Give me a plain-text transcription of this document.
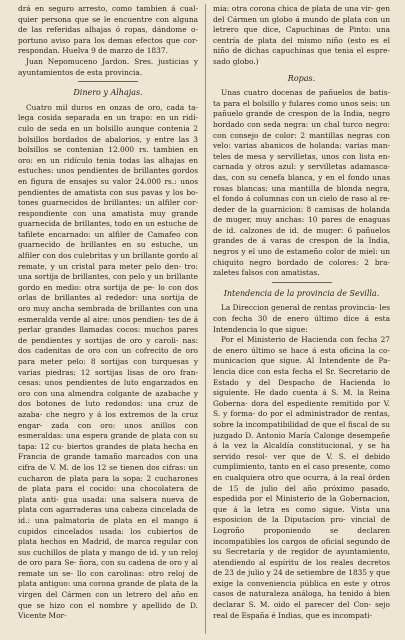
drá en seguro arresto, como tambien á cual- quier persona que se le encuentre con alguna de las referidas alhajas ó ropas, dándome o- portuno aviso para los demas efectos que cor- respondan. Huelva 9 de marzo de 1837.

Juan Nepomuceno Jardon. Sres. justicias y ayuntamientos de esta provincia.

Dinero y Alhajas.

Cuatro mil duros en onzas de oro, cada ta- lega cosida separada en un trapo: en un ridí- culo de seda en un bolsillo aunque contenia 2 bolsillos bordados de abalorios, y entre las 3 bolsillos se contenian 12.000 rs. tambien en oro: en un ridículo tenia todas las alhajas en estuches: unos pendientes de brillantes gordos en figura de ensajes su valor 24.000 rs.: unos pendientes de amatista con sus pavas y los bo- tones guarnecidos de brillantes: un alfiler cor- respondiente con una amatista muy grande guarnecida de brillantes, todo en un estuche de tafilete encarnado: un alfiler de Camafeo con guarnecido de brillantes en su estuche, un alfiler con dos culebritas y un brillante gordo al remate, y un cristal para meter pelo den- tro: una sortija de brillantes, con pelo y un brillante gordo en medio: otra sortija de pe- lo con dos orlas de brillantes al rededor: una sortija de oro muy ancha sembrada de brillantes con una esmeralda verde al aire: unos pendien- tes de á perlar grandes llamadas cocos: muchos pares de pendientes y sortijas de oro y caroli- nas: dos cadenitas de oro con un cofrecito de oro para meter pelo: 8 sortijas con turquesas y varias piedras: 12 sortijas lisas de oro fran- cesas: unos pendientes de luto engarzados en oro con una almendra colgante de azabache y dos botones de luto redondos: una cruz de azaba- che negro y á los extremos de la cruz engar- zada con oro: unos anillos con esmeraldas: una espera grande de plata con su tapa: 12 cu- biertos grandes de plata hecha en Francia de grande tamaño marcados con una cifra de V. M. de los 12 se tienen dos cifras: un cucharon de plata para la sopa: 2 cucharones de plata para el cocido: una chocolatera de plata anti- gua usada: una salsera nueva de plata con agarraderas una cabeza cincelada de id.: una palmatoria de plata en el mango á cupidos cincelados usada: los cubiertos de plata hechos en Madrid, de marca regular con sus cuchillos de plata y mango de id. y un reloj de oro para Se- ñora, con su cadena de oro y al remate un se- llo con carolinas: otro reloj de plata antiguo: una corona grande de plata de la virgen del Cármen con un letrero del año en que se hizo con el nombre y apellido de D. Vicente Mor-

mia: otra corona chica de plata de una vir- gen del Cármen un globo á mundo de plata con un letrero que dice, Capuchinas de Pinto: una centría de plata del mismo niño (esto es el niño de dichas capuchinas que tenia el espre- sado globo.)

Ropas.

Unas cuatro docenas de pañuelos de batis- ta para el bolsillo y fulares como unos seis: un pañuelo grande de crespon de la India, negro bordado con seda negra: un chal turco negro: con consejo de color: 2 mantillas negras con velo: varias abanicos de holanda: varias man- teles de mesa y servilletas, unos con lista en- carnada y otros azul: y servilletas adamasca- das, con su cenefa blanca, y en el fondo unas rosas blancas: una mantilla de blonda negra, el fondo á columnas con un cielo de raso al re- deder de la guarnicion: 8 camisas de holanda de muger, muy anchas: 10 pares de enaguas de id. calzones de id. de muger: 6 pañuelos grandes de á varas de crespon de la India, negros y el uno de estameño color de miel: un chiquito negro bordado de colores: 2 bra- zaletes falsos con amatistas.

Intendencia de la provincia de Sevilla.

La Direccion general de rentas provincia- les con fecha 30 de enero último dice á esta Intendencia lo que sigue:

Por el Ministerio de Hacienda con fecha 27 de enero último se hace á esta oficina la co- municacion que sigue. Al Intendente de Pa- lencia dice con esta fecha el Sr. Secretario de Estado y del Despacho de Hacienda lo siguiente. He dado cuenta á S. M. la Reina Goberna- dora del espediente remitido por V. S. y forma- do por el administrador de rentas, sobre la incompatibilidad de que el fiscal de su juzgado D. Antonio María Calonge desempeñe á la vez la Alcaldía constitucional, y se ha servido resol- ver que de V. S. el debido cumplimiento, tanto en el caso presente, como en cualquiera otro que ocurra, á la real órden de 15 de julio del año próximo pasado, espedida por el Ministerio de la Gobernacion, que á la letra es como sigue. Vista una esposicion de la Diputacion pro- vincial de Logroño proponiendo se declaren incompatibles los cargos de oficial segundo de su Secretaría y de regidor de ayuntamiento, atendiendo al espíritu de los reales decretos de 23 de julio y 24 de setiembre de 1835 y que exige la conveniencia pública en este y otros casos de naturaleza análoga, ha tenido á bien declarar S. M. oido el parecer del Con- sejo real de España é Indias, que es incompati-
